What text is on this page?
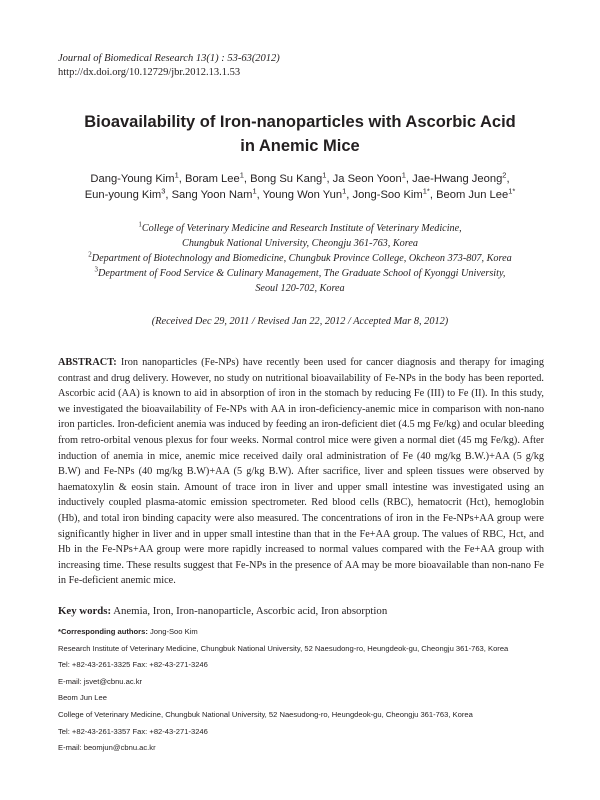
Journal of Biomedical Research 13(1) : 53-63(2012)
http://dx.doi.org/10.12729/jbr.2012.13.1.53
Bioavailability of Iron-nanoparticles with Ascorbic Acid
in Anemic Mice
Dang-Young Kim$^1$, Boram Lee$^1$, Bong Su Kang$^1$, Ja Seon Yoon$^1$, Jae-Hwang Jeong$^2$,
Eun-young Kim$^3$, Sang Yoon Nam$^1$, Young Won Yun$^1$, Jong-Soo Kim$^{1*}$, Beom Jun Lee$^{1*}$
$^1$College of Veterinary Medicine and Research Institute of Veterinary Medicine,
Chungbuk National University, Cheongju 361-763, Korea
$^2$Department of Biotechnology and Biomedicine, Chungbuk Province College, Okcheon 373-807, Korea
$^3$Department of Food Service & Culinary Management, The Graduate School of Kyonggi University,
Seoul 120-702, Korea
(Received Dec 29, 2011 / Revised Jan 22, 2012 / Accepted Mar 8, 2012)
ABSTRACT: Iron nanoparticles (Fe-NPs) have recently been used for cancer diagnosis and therapy for imaging contrast and drug delivery. However, no study on nutritional bioavailability of Fe-NPs in the body has been reported. Ascorbic acid (AA) is known to aid in absorption of iron in the stomach by reducing Fe (III) to Fe (II). In this study, we investigated the bioavailability of Fe-NPs with AA in iron-deficiency-anemic mice in comparison with non-nano iron particles. Iron-deficient anemia was induced by feeding an iron-deficient diet (4.5 mg Fe/kg) and ocular bleeding from retro-orbital venous plexus for four weeks. Normal control mice were given a normal diet (45 mg Fe/kg). After induction of anemia in mice, anemic mice received daily oral administration of Fe (40 mg/kg B.W.)+AA (5 g/kg B.W) and Fe-NPs (40 mg/kg B.W)+AA (5 g/kg B.W). After sacrifice, liver and spleen tissues were observed by haematoxylin & eosin stain. Amount of trace iron in liver and upper small intestine was investigated using an inductively coupled plasma-atomic emission spectrometer. Red blood cells (RBC), hematocrit (Hct), hemoglobin (Hb), and total iron binding capacity were also measured. The concentrations of iron in the Fe-NPs+AA group were significantly higher in liver and in upper small intestine than that in the Fe+AA group. The values of RBC, Hct, and Hb in the Fe-NPs+AA group were more rapidly increased to normal values compared with the Fe+AA group with increasing time. These results suggest that Fe-NPs in the presence of AA may be more bioavailable than non-nano Fe in Fe-deficient anemic mice.
Key words: Anemia, Iron, Iron-nanoparticle, Ascorbic acid, Iron absorption
*Corresponding authors: Jong-Soo Kim
Research Institute of Veterinary Medicine, Chungbuk National University, 52 Naesudong-ro, Heungdeok-gu, Cheongju 361-763, Korea
Tel: +82-43-261-3325 Fax: +82-43-271-3246
E-mail: jsvet@cbnu.ac.kr
Beom Jun Lee
College of Veterinary Medicine, Chungbuk National University, 52 Naesudong-ro, Heungdeok-gu, Cheongju 361-763, Korea
Tel: +82-43-261-3357 Fax: +82-43-271-3246
E-mail: beomjun@cbnu.ac.kr
